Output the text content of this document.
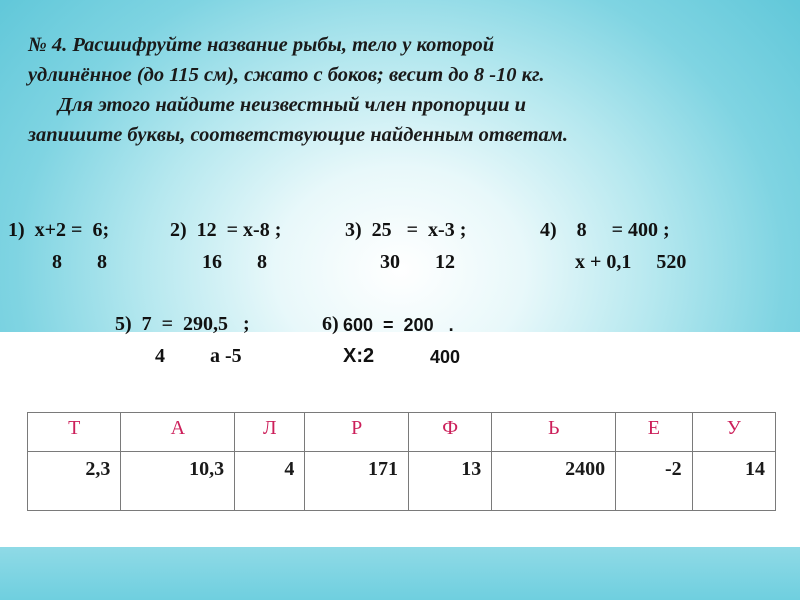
№ 4. Расшифруйте название рыбы, тело у которой
удлинённое (до 115 см), сжато с боков; весит до 8 -10 кг.
Для этого найдите неизвестный член пропорции и
запишите буквы, соответствующие найденным ответам.
1)  x+2 =  6;
8       8
2)  12  = x-8 ;
16       8
3)  25   =  x-3 ;
30       12
4)    8     = 400 ;
x + 0,1     520
5)  7  =  290,5   ;
4         a -5
6) 600  =  200   .
X:2	400
Т	А	Л	Р	Ф	Ь	Е	У
2,3	10,3	4	171	13	2400	-2	14
